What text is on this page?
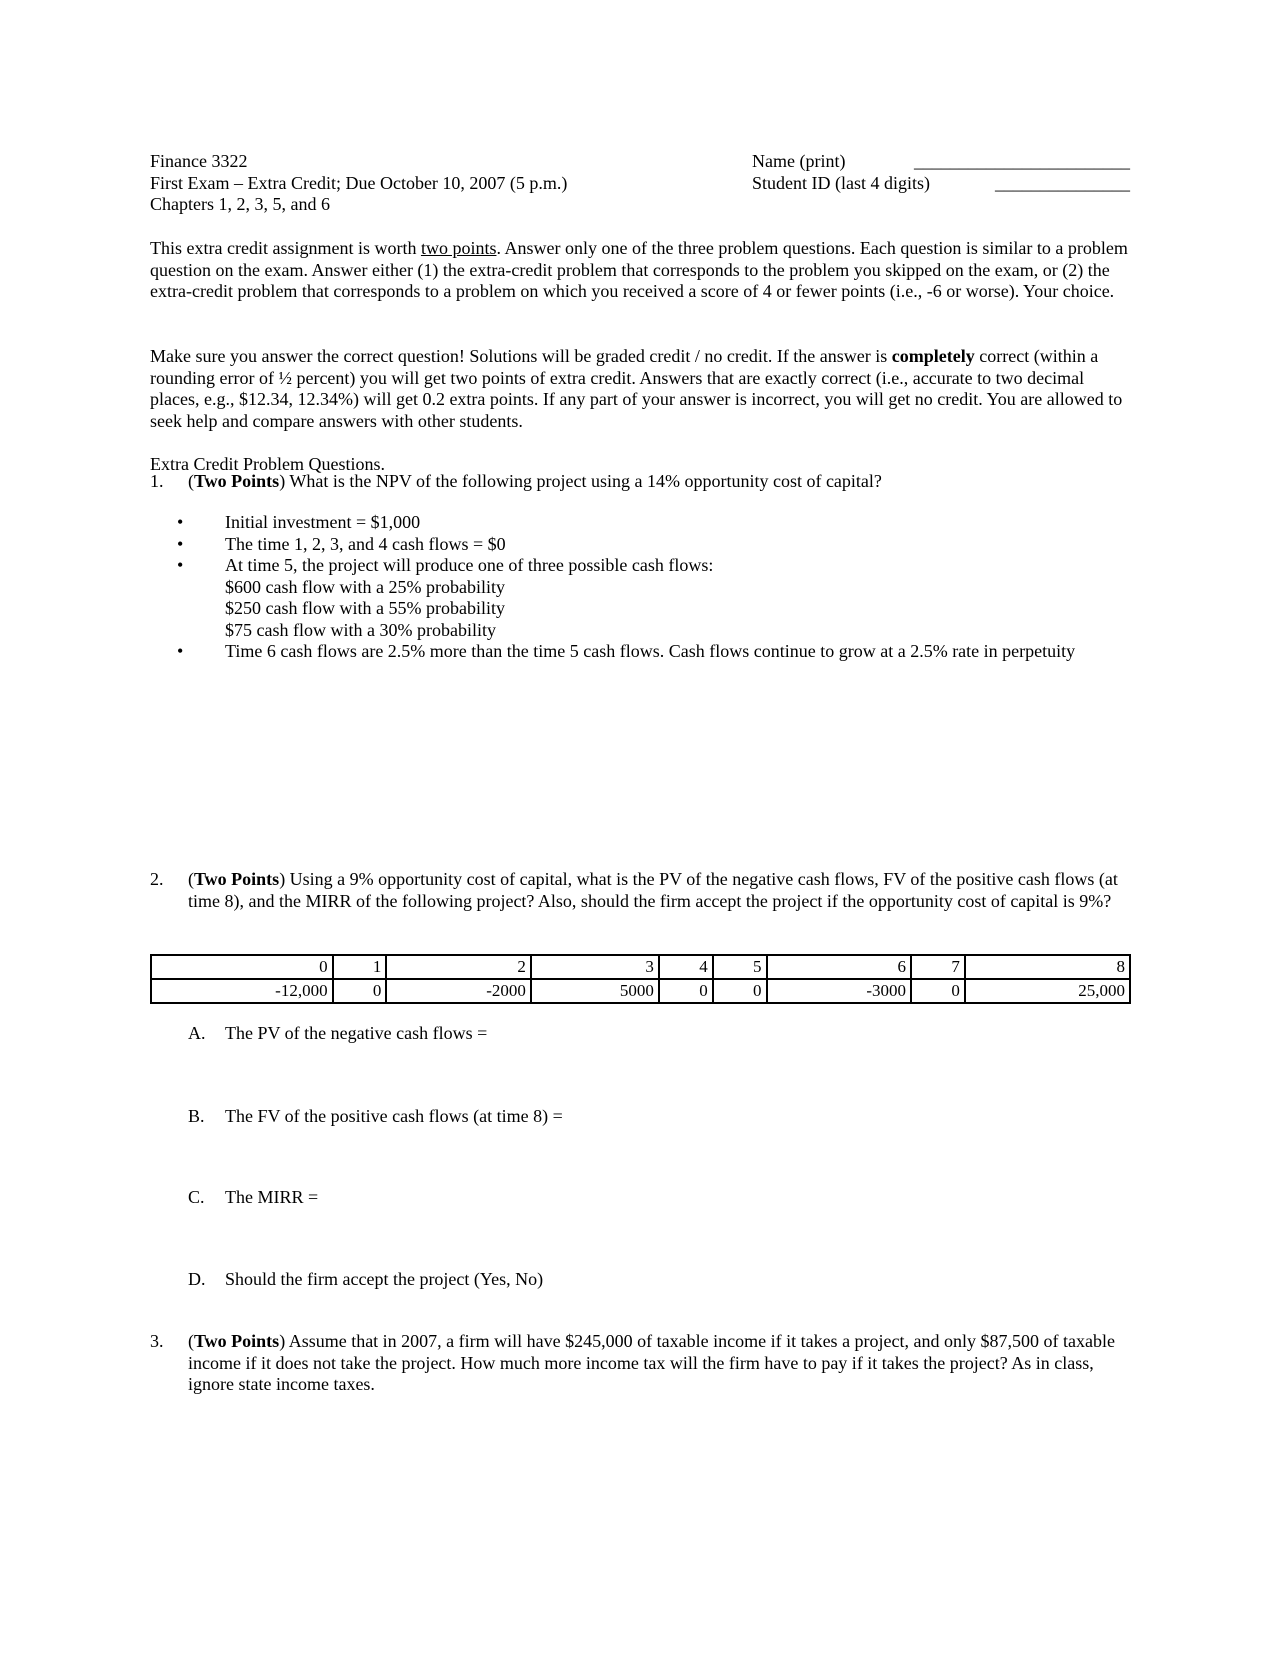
Finance 3322
First Exam – Extra Credit; Due October 10, 2007 (5 p.m.)
Chapters 1, 2, 3, 5, and 6
Name (print)	________________________
Student ID (last 4 digits)	_______________

This extra credit assignment is worth two points. Answer only one of the three problem questions. Each question is similar to a problem question on the exam. Answer either (1) the extra-credit problem that corresponds to the problem you skipped on the exam, or (2) the extra-credit problem that corresponds to a problem on which you received a score of 4 or fewer points (i.e., -6 or worse). Your choice.

Make sure you answer the correct question! Solutions will be graded credit / no credit. If the answer is completely correct (within a rounding error of ½ percent) you will get two points of extra credit. Answers that are exactly correct (i.e., accurate to two decimal places, e.g., $12.34, 12.34%) will get 0.2 extra points. If any part of your answer is incorrect, you will get no credit. You are allowed to seek help and compare answers with other students.

Extra Credit Problem Questions.

1. (Two Points) What is the NPV of the following project using a 14% opportunity cost of capital?
• Initial investment = $1,000
• The time 1, 2, 3, and 4 cash flows = $0
• At time 5, the project will produce one of three possible cash flows:
$600 cash flow with a 25% probability
$250 cash flow with a 55% probability
$75 cash flow with a 30% probability
• Time 6 cash flows are 2.5% more than the time 5 cash flows. Cash flows continue to grow at a 2.5% rate in perpetuity
2. (Two Points) Using a 9% opportunity cost of capital, what is the PV of the negative cash flows, FV of the positive cash flows (at time 8), and the MIRR of the following project? Also, should the firm accept the project if the opportunity cost of capital is 9%?
0	1	2	3	4	5	6	7	8
-12,000	0	-2000	5000	0	0	-3000	0	25,000
A. The PV of the negative cash flows =
B. The FV of the positive cash flows (at time 8) =
C. The MIRR =
D. Should the firm accept the project (Yes, No)
3. (Two Points) Assume that in 2007, a firm will have $245,000 of taxable income if it takes a project, and only $87,500 of taxable income if it does not take the project. How much more income tax will the firm have to pay if it takes the project? As in class, ignore state income taxes.
